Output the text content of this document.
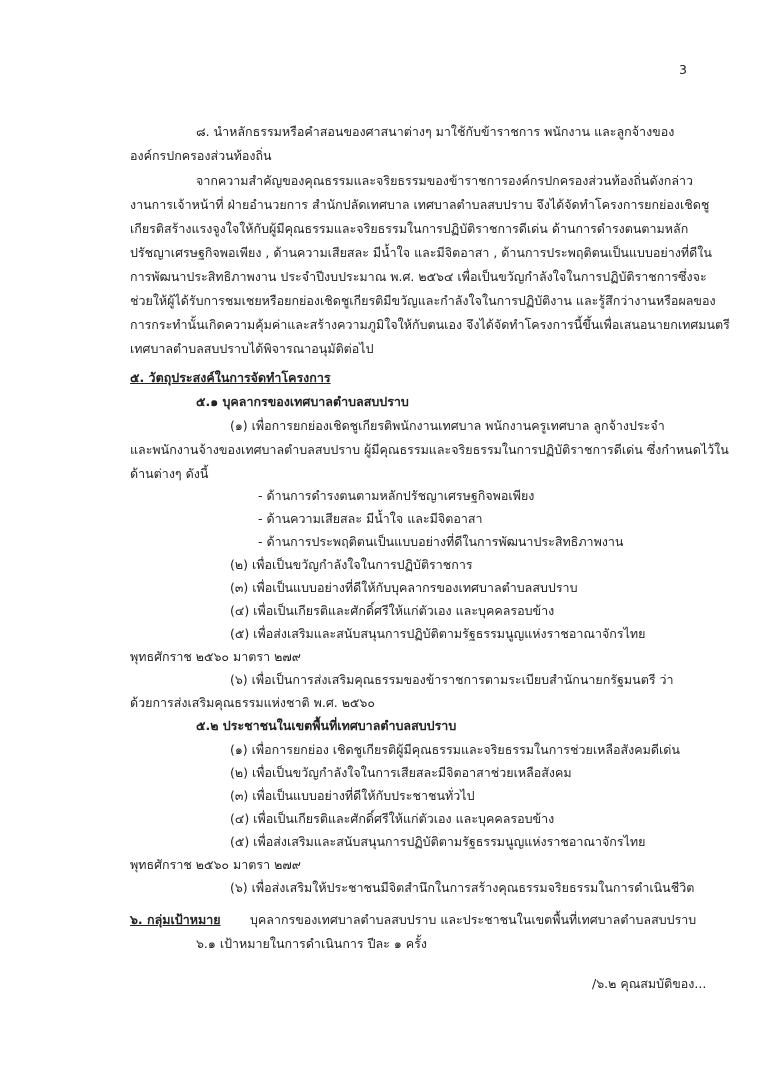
3
๘. นำหลักธรรมหรือคำสอนของศาสนาต่างๆ มาใช้กับข้าราชการ พนักงาน และลูกจ้างของ
องค์กรปกครองส่วนท้องถิ่น
จากความสำคัญของคุณธรรมและจริยธรรมของข้าราชการองค์กรปกครองส่วนท้องถิ่นดังกล่าว
งานการเจ้าหน้าที่ ฝ่ายอำนวยการ สำนักปลัดเทศบาล เทศบาลตำบลสบปราบ จึงได้จัดทำโครงการยกย่องเชิดชู
เกียรติสร้างแรงจูงใจให้กับผู้มีคุณธรรมและจริยธรรมในการปฏิบัติราชการดีเด่น ด้านการดำรงตนตามหลัก
ปรัชญาเศรษฐกิจพอเพียง , ด้านความเสียสละ มีน้ำใจ และมีจิตอาสา , ด้านการประพฤติตนเป็นแบบอย่างที่ดีใน
การพัฒนาประสิทธิภาพงาน ประจำปีงบประมาณ พ.ศ. ๒๕๖๔ เพื่อเป็นขวัญกำลังใจในการปฏิบัติราชการซึ่งจะ
ช่วยให้ผู้ได้รับการชมเชยหรือยกย่องเชิดชูเกียรติมีขวัญและกำลังใจในการปฏิบัติงาน และรู้สึกว่างานหรือผลของ
การกระทำนั้นเกิดความคุ้มค่าและสร้างความภูมิใจให้กับตนเอง จึงได้จัดทำโครงการนี้ขึ้นเพื่อเสนอนายกเทศมนตรี
เทศบาลตำบลสบปราบได้พิจารณาอนุมัติต่อไป
๕. วัตถุประสงค์ในการจัดทำโครงการ
๕.๑ บุคลากรของเทศบาลตำบลสบปราบ
(๑) เพื่อการยกย่องเชิดชูเกียรติพนักงานเทศบาล พนักงานครูเทศบาล ลูกจ้างประจำ
และพนักงานจ้างของเทศบาลตำบลสบปราบ ผู้มีคุณธรรมและจริยธรรมในการปฏิบัติราชการดีเด่น ซึ่งกำหนดไว้ใน
ด้านต่างๆ ดังนี้
- ด้านการดำรงตนตามหลักปรัชญาเศรษฐกิจพอเพียง
- ด้านความเสียสละ มีน้ำใจ และมีจิตอาสา
- ด้านการประพฤติตนเป็นแบบอย่างที่ดีในการพัฒนาประสิทธิภาพงาน
(๒) เพื่อเป็นขวัญกำลังใจในการปฏิบัติราชการ
(๓) เพื่อเป็นแบบอย่างที่ดีให้กับบุคลากรของเทศบาลตำบลสบปราบ
(๔) เพื่อเป็นเกียรติและศักดิ์ศรีให้แก่ตัวเอง และบุคคลรอบข้าง
(๕) เพื่อส่งเสริมและสนับสนุนการปฏิบัติตามรัฐธรรมนูญแห่งราชอาณาจักรไทย
พุทธศักราช ๒๕๖๐ มาตรา ๒๗๙
(๖) เพื่อเป็นการส่งเสริมคุณธรรมของข้าราชการตามระเบียบสำนักนายกรัฐมนตรี ว่า
ด้วยการส่งเสริมคุณธรรมแห่งชาติ พ.ศ. ๒๕๖๐
๕.๒ ประชาชนในเขตพื้นที่เทศบาลตำบลสบปราบ
(๑) เพื่อการยกย่อง เชิดชูเกียรติผู้มีคุณธรรมและจริยธรรมในการช่วยเหลือสังคมดีเด่น
(๒) เพื่อเป็นขวัญกำลังใจในการเสียสละมีจิตอาสาช่วยเหลือสังคม
(๓) เพื่อเป็นแบบอย่างที่ดีให้กับประชาชนทั่วไป
(๔) เพื่อเป็นเกียรติและศักดิ์ศรีให้แก่ตัวเอง และบุคคลรอบข้าง
(๕) เพื่อส่งเสริมและสนับสนุนการปฏิบัติตามรัฐธรรมนูญแห่งราชอาณาจักรไทย
พุทธศักราช ๒๕๖๐ มาตรา ๒๗๙
(๖) เพื่อส่งเสริมให้ประชาชนมีจิตสำนึกในการสร้างคุณธรรมจริยธรรมในการดำเนินชีวิต
๖. กลุ่มเป้าหมาย บุคลากรของเทศบาลตำบลสบปราบ และประชาชนในเขตพื้นที่เทศบาลตำบลสบปราบ
๖.๑ เป้าหมายในการดำเนินการ ปีละ ๑ ครั้ง
/๖.๒ คุณสมบัติของ...
